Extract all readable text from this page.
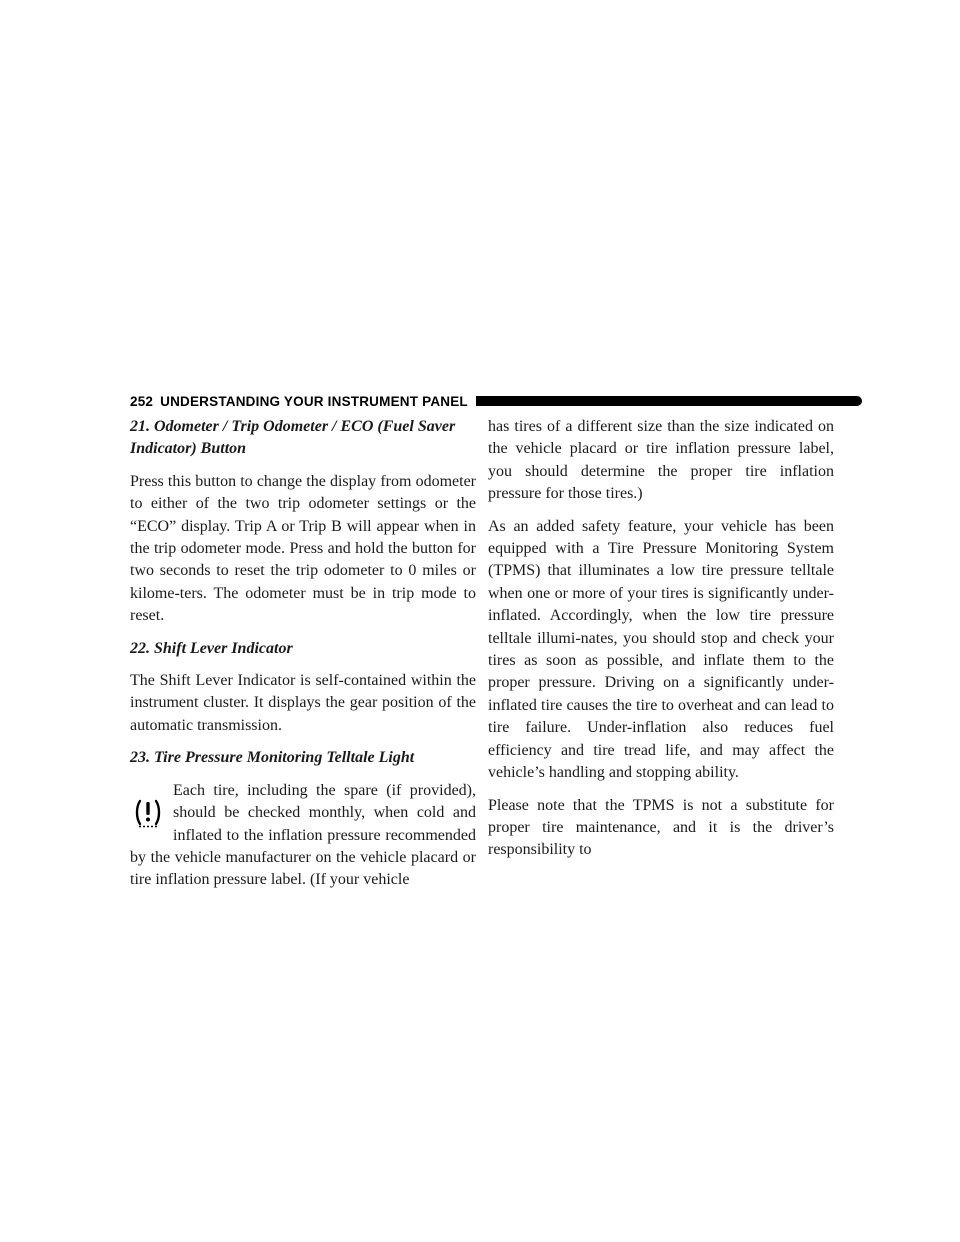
252 UNDERSTANDING YOUR INSTRUMENT PANEL

21. Odometer / Trip Odometer / ECO (Fuel Saver Indicator) Button

Press this button to change the display from odometer to either of the two trip odometer settings or the “ECO” display. Trip A or Trip B will appear when in the trip odometer mode. Press and hold the button for two seconds to reset the trip odometer to 0 miles or kilome-ters. The odometer must be in trip mode to reset.

22. Shift Lever Indicator

The Shift Lever Indicator is self-contained within the instrument cluster. It displays the gear position of the automatic transmission.

23. Tire Pressure Monitoring Telltale Light

Each tire, including the spare (if provided), should be checked monthly, when cold and inflated to the inflation pressure recommended by the vehicle manufacturer on the vehicle placard or tire inflation pressure label. (If your vehicle

has tires of a different size than the size indicated on the vehicle placard or tire inflation pressure label, you should determine the proper tire inflation pressure for those tires.)

As an added safety feature, your vehicle has been equipped with a Tire Pressure Monitoring System (TPMS) that illuminates a low tire pressure telltale when one or more of your tires is significantly under-inflated. Accordingly, when the low tire pressure telltale illumi-nates, you should stop and check your tires as soon as possible, and inflate them to the proper pressure. Driving on a significantly under-inflated tire causes the tire to overheat and can lead to tire failure. Under-inflation also reduces fuel efficiency and tire tread life, and may affect the vehicle’s handling and stopping ability.

Please note that the TPMS is not a substitute for proper tire maintenance, and it is the driver’s responsibility to
